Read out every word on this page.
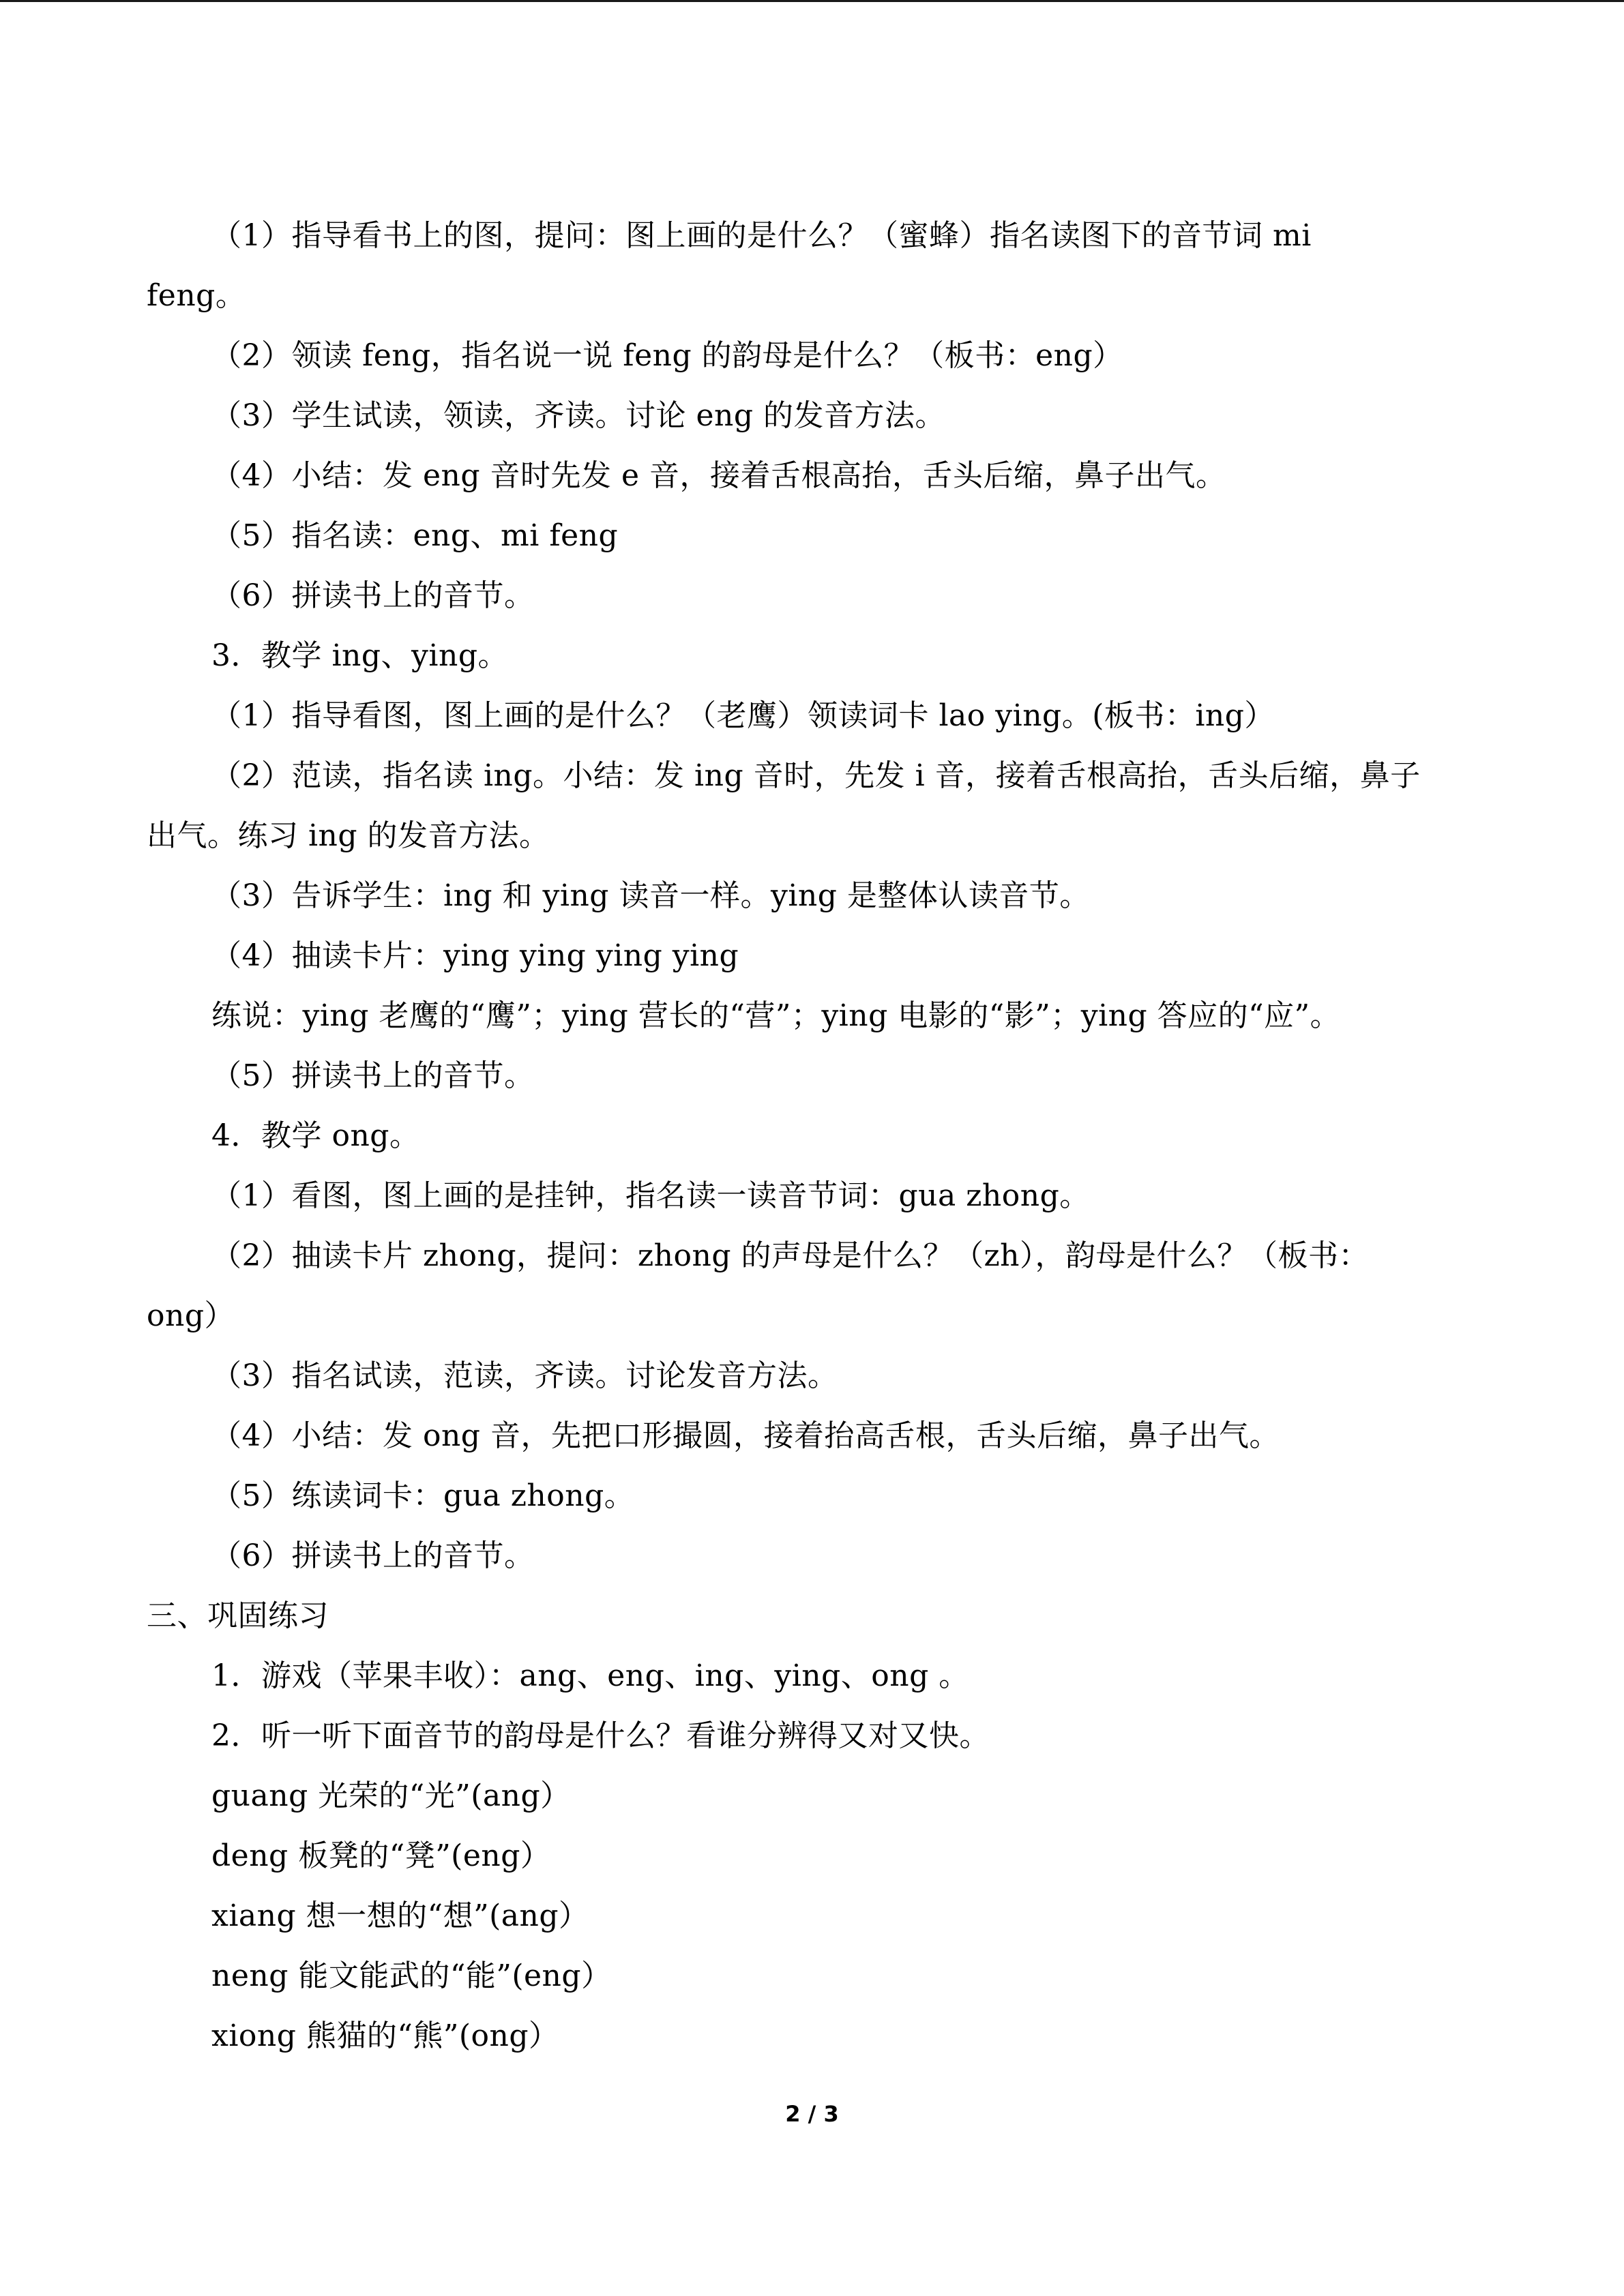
（1）指导看书上的图，提问：图上画的是什么？（蜜蜂）指名读图下的音节词 mi
feng。
（2）领读 feng，指名说一说 feng 的韵母是什么？（板书：eng）
（3）学生试读，领读，齐读。讨论 eng 的发音方法。
（4）小结：发 eng 音时先发 e 音，接着舌根高抬，舌头后缩，鼻子出气。
（5）指名读：eng、mi feng
（6）拼读书上的音节。
3．教学 ing、ying。
（1）指导看图，图上画的是什么？（老鹰）领读词卡 lao ying。(板书：ing）
（2）范读，指名读 ing。小结：发 ing 音时，先发 i 音，接着舌根高抬，舌头后缩，鼻子
出气。练习 ing 的发音方法。
（3）告诉学生：ing 和 ying 读音一样。ying 是整体认读音节。
（4）抽读卡片：ying ying ying ying
练说：ying 老鹰的“鹰”；ying 营长的“营”；ying 电影的“影”；ying 答应的“应”。
（5）拼读书上的音节。
4．教学 ong。
（1）看图，图上画的是挂钟，指名读一读音节词：gua zhong。
（2）抽读卡片 zhong，提问：zhong 的声母是什么？（zh），韵母是什么？（板书：
ong）
（3）指名试读，范读，齐读。讨论发音方法。
（4）小结：发 ong 音，先把口形撮圆，接着抬高舌根，舌头后缩，鼻子出气。
（5）练读词卡：gua zhong。
（6）拼读书上的音节。
三、巩固练习
1．游戏（苹果丰收）：ang、eng、ing、ying、ong 。
2．听一听下面音节的韵母是什么？看谁分辨得又对又快。
guang 光荣的“光”(ang）
deng 板凳的“凳”(eng）
xiang 想一想的“想”(ang）
neng 能文能武的“能”(eng）
xiong 熊猫的“熊”(ong）
2 / 3
